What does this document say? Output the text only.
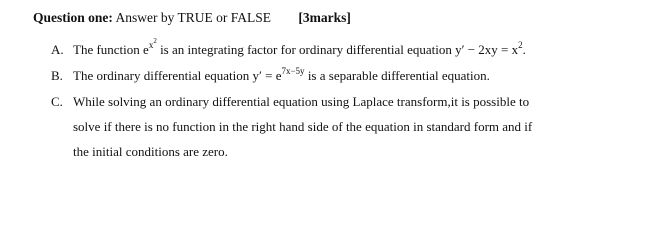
Question one: Answer by TRUE or FALSE [3marks]
A. The function $e^{x^2}$ is an integrating factor for ordinary differential equation $y' - 2xy = x^2$.
B. The ordinary differential equation $y' = e^{7x-5y}$ is a separable differential equation.
C. While solving an ordinary differential equation using Laplace transform,it is possible to
solve if there is no function in the right hand side of the equation in standard form and if
the initial conditions are zero.
